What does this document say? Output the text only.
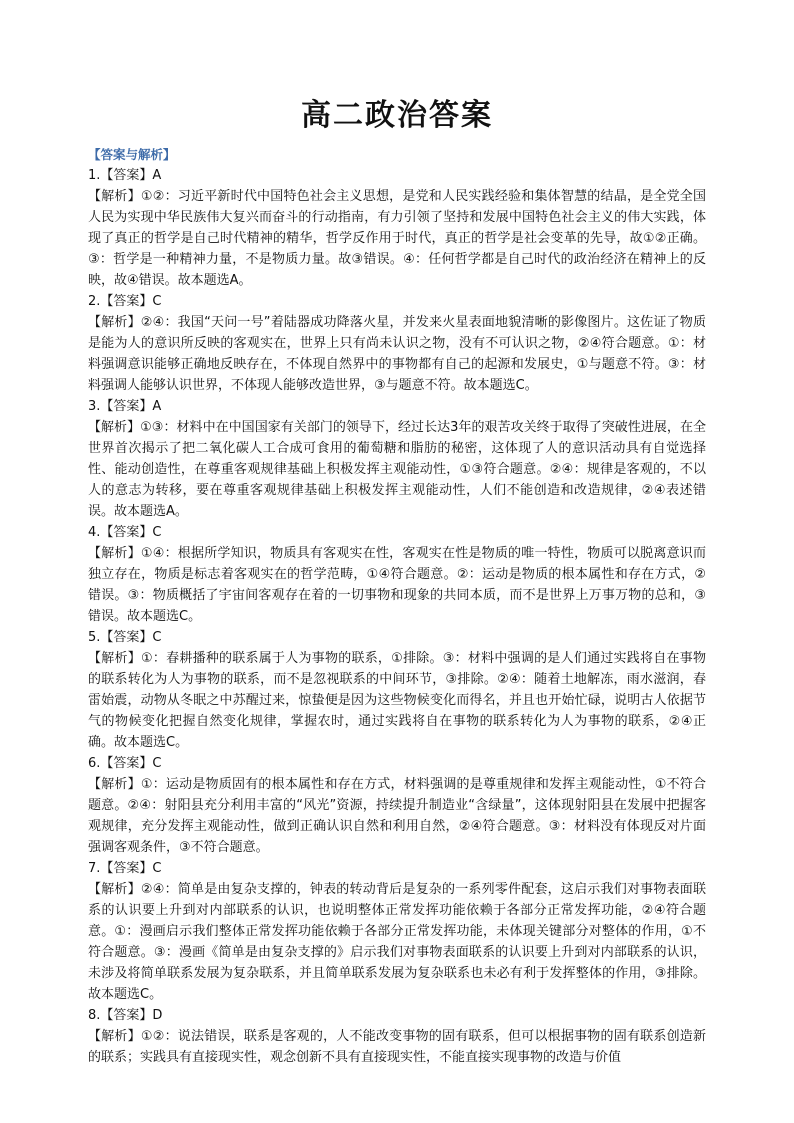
高二政治答案

【答案与解析】

1.【答案】A

【解析】①②：习近平新时代中国特色社会主义思想，是党和人民实践经验和集体智慧的结晶，是全党全国人民为实现中华民族伟大复兴而奋斗的行动指南，有力引领了坚持和发展中国特色社会主义的伟大实践，体现了真正的哲学是自己时代精神的精华，哲学反作用于时代，真正的哲学是社会变革的先导，故①②正确。③：哲学是一种精神力量，不是物质力量。故③错误。④：任何哲学都是自己时代的政治经济在精神上的反映，故④错误。故本题选A。

2.【答案】C

【解析】②④：我国“天问一号”着陆器成功降落火星，并发来火星表面地貌清晰的影像图片。这佐证了物质是能为人的意识所反映的客观实在，世界上只有尚未认识之物，没有不可认识之物，②④符合题意。①：材料强调意识能够正确地反映存在，不体现自然界中的事物都有自己的起源和发展史，①与题意不符。③：材料强调人能够认识世界，不体现人能够改造世界，③与题意不符。故本题选C。

3.【答案】A

【解析】①③：材料中在中国国家有关部门的领导下，经过长达3年的艰苦攻关终于取得了突破性进展，在全世界首次揭示了把二氧化碳人工合成可食用的葡萄糖和脂肪的秘密，这体现了人的意识活动具有自觉选择性、能动创造性，在尊重客观规律基础上积极发挥主观能动性，①③符合题意。②④：规律是客观的，不以人的意志为转移，要在尊重客观规律基础上积极发挥主观能动性，人们不能创造和改造规律，②④表述错误。故本题选A。

4.【答案】C

【解析】①④：根据所学知识，物质具有客观实在性，客观实在性是物质的唯一特性，物质可以脱离意识而独立存在，物质是标志着客观实在的哲学范畴，①④符合题意。②：运动是物质的根本属性和存在方式，②错误。③：物质概括了宇宙间客观存在着的一切事物和现象的共同本质，而不是世界上万事万物的总和，③错误。故本题选C。

5.【答案】C

【解析】①：春耕播种的联系属于人为事物的联系，①排除。③：材料中强调的是人们通过实践将自在事物的联系转化为人为事物的联系，而不是忽视联系的中间环节，③排除。②④：随着土地解冻，雨水滋润，春雷始震，动物从冬眠之中苏醒过来，惊蛰便是因为这些物候变化而得名，并且也开始忙碌，说明古人依据节气的物候变化把握自然变化规律，掌握农时，通过实践将自在事物的联系转化为人为事物的联系，②④正确。故本题选C。

6.【答案】C

【解析】①：运动是物质固有的根本属性和存在方式，材料强调的是尊重规律和发挥主观能动性，①不符合题意。②④：射阳县充分利用丰富的“风光”资源，持续提升制造业“含绿量”，这体现射阳县在发展中把握客观规律，充分发挥主观能动性，做到正确认识自然和利用自然，②④符合题意。③：材料没有体现反对片面强调客观条件，③不符合题意。

7.【答案】C

【解析】②④：简单是由复杂支撑的，钟表的转动背后是复杂的一系列零件配套，这启示我们对事物表面联系的认识要上升到对内部联系的认识，也说明整体正常发挥功能依赖于各部分正常发挥功能，②④符合题意。①：漫画启示我们整体正常发挥功能依赖于各部分正常发挥功能，未体现关键部分对整体的作用，①不符合题意。③：漫画《简单是由复杂支撑的》启示我们对事物表面联系的认识要上升到对内部联系的认识，未涉及将简单联系发展为复杂联系，并且简单联系发展为复杂联系也未必有利于发挥整体的作用，③排除。故本题选C。

8.【答案】D

【解析】①②：说法错误，联系是客观的，人不能改变事物的固有联系，但可以根据事物的固有联系创造新的联系；实践具有直接现实性，观念创新不具有直接现实性，不能直接实现事物的改造与价值
